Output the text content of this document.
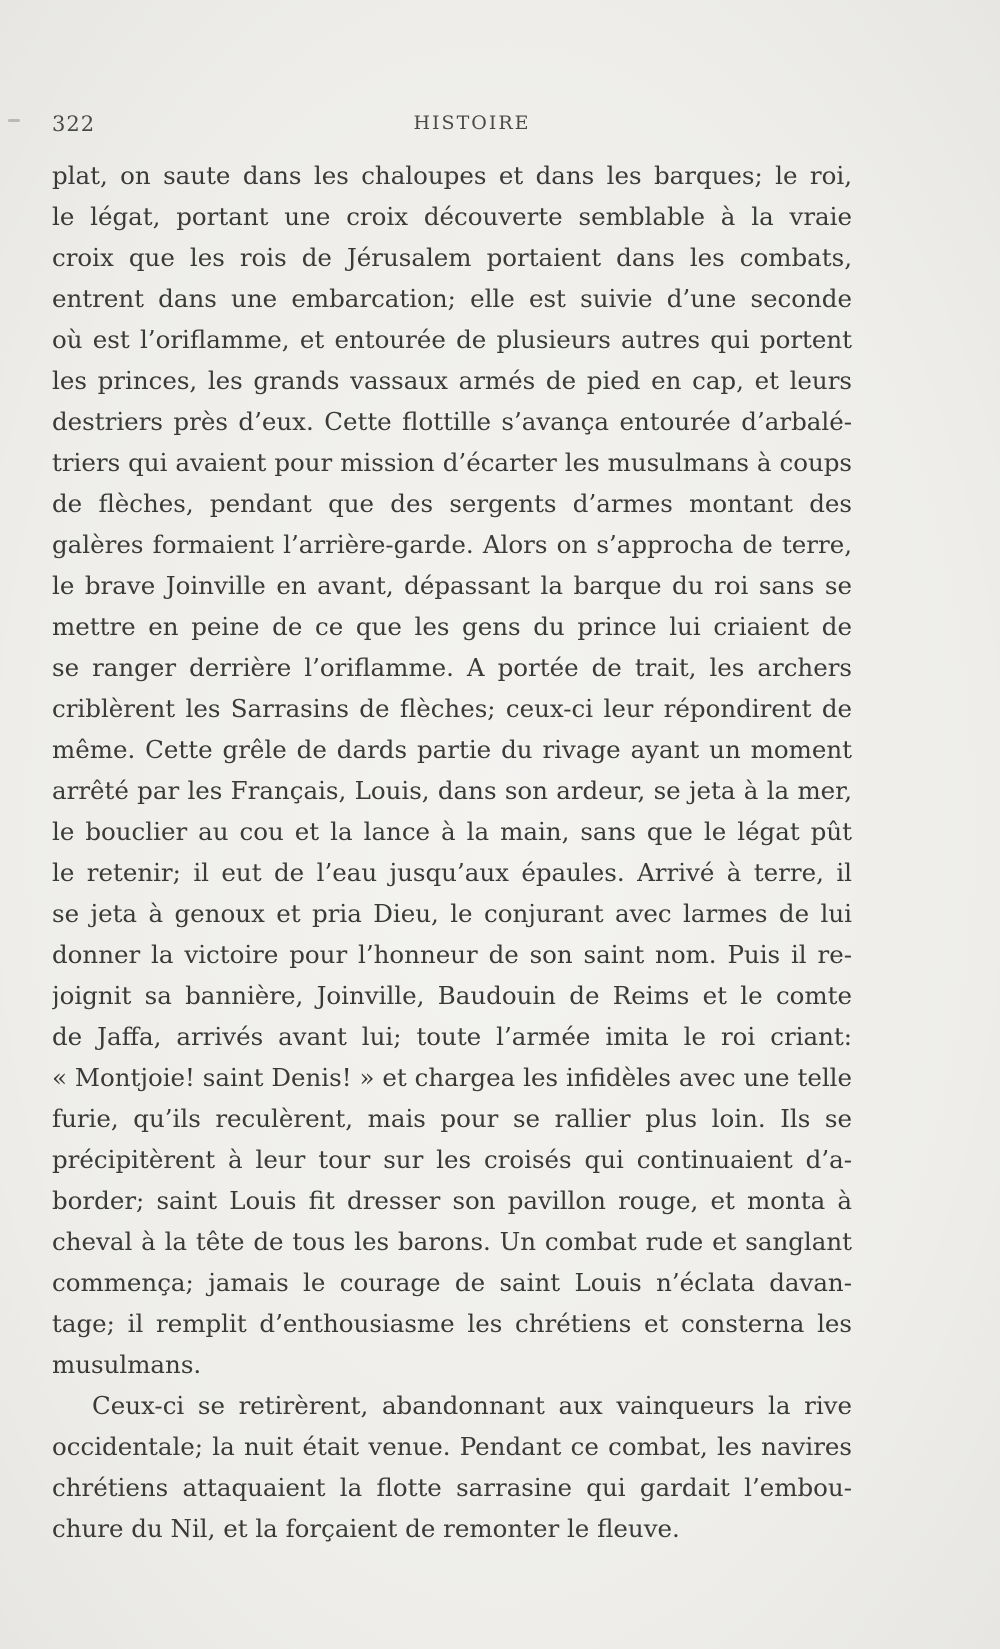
322	HISTOIRE
plat, on saute dans les chaloupes et dans les barques; le roi,
le légat, portant une croix découverte semblable à la vraie
croix que les rois de Jérusalem portaient dans les combats,
entrent dans une embarcation; elle est suivie d’une seconde
où est l’oriflamme, et entourée de plusieurs autres qui portent
les princes, les grands vassaux armés de pied en cap, et leurs
destriers près d’eux. Cette flottille s’avança entourée d’arbalé-
triers qui avaient pour mission d’écarter les musulmans à coups
de flèches, pendant que des sergents d’armes montant des
galères formaient l’arrière-garde. Alors on s’approcha de terre,
le brave Joinville en avant, dépassant la barque du roi sans se
mettre en peine de ce que les gens du prince lui criaient de
se ranger derrière l’oriflamme. A portée de trait, les archers
criblèrent les Sarrasins de flèches; ceux-ci leur répondirent de
même. Cette grêle de dards partie du rivage ayant un moment
arrêté par les Français, Louis, dans son ardeur, se jeta à la mer,
le bouclier au cou et la lance à la main, sans que le légat pût
le retenir; il eut de l’eau jusqu’aux épaules. Arrivé à terre, il
se jeta à genoux et pria Dieu, le conjurant avec larmes de lui
donner la victoire pour l’honneur de son saint nom. Puis il re-
joignit sa bannière, Joinville, Baudouin de Reims et le comte
de Jaffa, arrivés avant lui; toute l’armée imita le roi criant:
« Montjoie! saint Denis! » et chargea les infidèles avec une telle
furie, qu’ils reculèrent, mais pour se rallier plus loin. Ils se
précipitèrent à leur tour sur les croisés qui continuaient d’a-
border; saint Louis fit dresser son pavillon rouge, et monta à
cheval à la tête de tous les barons. Un combat rude et sanglant
commença; jamais le courage de saint Louis n’éclata davan-
tage; il remplit d’enthousiasme les chrétiens et consterna les
musulmans.
Ceux-ci se retirèrent, abandonnant aux vainqueurs la rive
occidentale; la nuit était venue. Pendant ce combat, les navires
chrétiens attaquaient la flotte sarrasine qui gardait l’embou-
chure du Nil, et la forçaient de remonter le fleuve.
